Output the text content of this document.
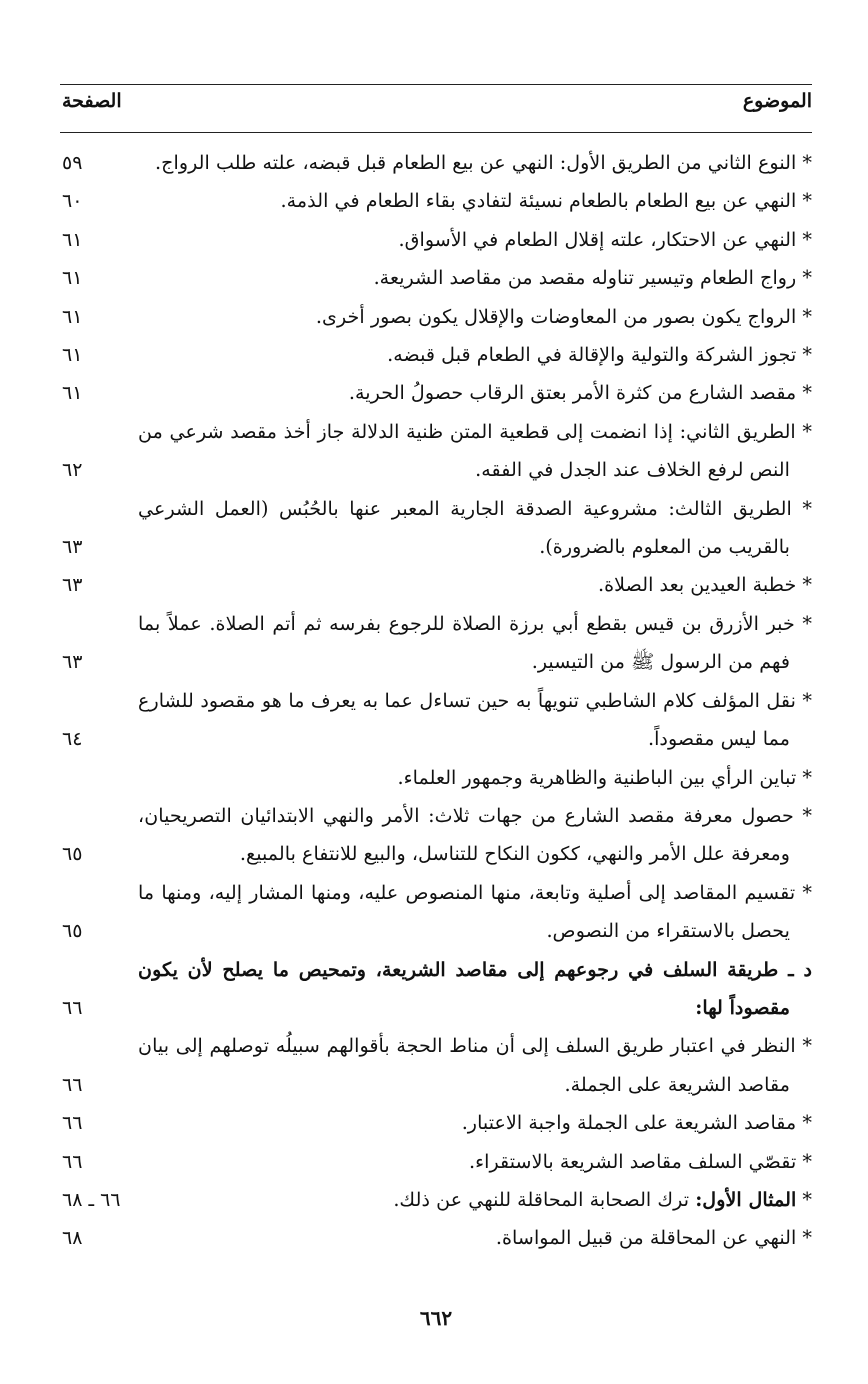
الصفحة	الموضوع
* النوع الثاني من الطريق الأول: النهي عن بيع الطعام قبل قبضه، علته طلب الرواج.
٥٩
* النهي عن بيع الطعام بالطعام نسيئة لتفادي بقاء الطعام في الذمة.
٦٠
* النهي عن الاحتكار، علته إقلال الطعام في الأسواق.
٦١
* رواج الطعام وتيسير تناوله مقصد من مقاصد الشريعة.
٦١
* الرواج يكون بصور من المعاوضات والإقلال يكون بصور أخرى.
٦١
* تجوز الشركة والتولية والإقالة في الطعام قبل قبضه.
٦١
* مقصد الشارع من كثرة الأمر بعتق الرقاب حصولُ الحرية.
٦١
* الطريق الثاني: إذا انضمت إلى قطعية المتن ظنية الدلالة جاز أخذ مقصد شرعي من النص لرفع الخلاف عند الجدل في الفقه.
٦٢
* الطريق الثالث: مشروعية الصدقة الجارية المعبر عنها بالحُبُس (العمل الشرعي بالقريب من المعلوم بالضرورة).
٦٣
* خطبة العيدين بعد الصلاة.
٦٣
* خبر الأزرق بن قيس بقطع أبي برزة الصلاة للرجوع بفرسه ثم أتم الصلاة. عملاً بما فهم من الرسول ﷺ من التيسير.
٦٣
* نقل المؤلف كلام الشاطبي تنويهاً به حين تساءل عما به يعرف ما هو مقصود للشارع مما ليس مقصوداً.
٦٤
* تباين الرأي بين الباطنية والظاهرية وجمهور العلماء.
* حصول معرفة مقصد الشارع من جهات ثلاث: الأمر والنهي الابتدائيان التصريحيان، ومعرفة علل الأمر والنهي، ككون النكاح للتناسل، والبيع للانتفاع بالمبيع.
٦٥
* تقسيم المقاصد إلى أصلية وتابعة، منها المنصوص عليه، ومنها المشار إليه، ومنها ما يحصل بالاستقراء من النصوص.
٦٥
د ـ طريقة السلف في رجوعهم إلى مقاصد الشريعة، وتمحيص ما يصلح لأن يكون مقصوداً لها:
٦٦
* النظر في اعتبار طريق السلف إلى أن مناط الحجة بأقوالهم سبيلُه توصلهم إلى بيان مقاصد الشريعة على الجملة.
٦٦
* مقاصد الشريعة على الجملة واجبة الاعتبار.
٦٦
* تقصّي السلف مقاصد الشريعة بالاستقراء.
٦٦
* المثال الأول: ترك الصحابة المحاقلة للنهي عن ذلك.
٦٦ ـ ٦٨
* النهي عن المحاقلة من قبيل المواساة.
٦٨
٦٦٢
